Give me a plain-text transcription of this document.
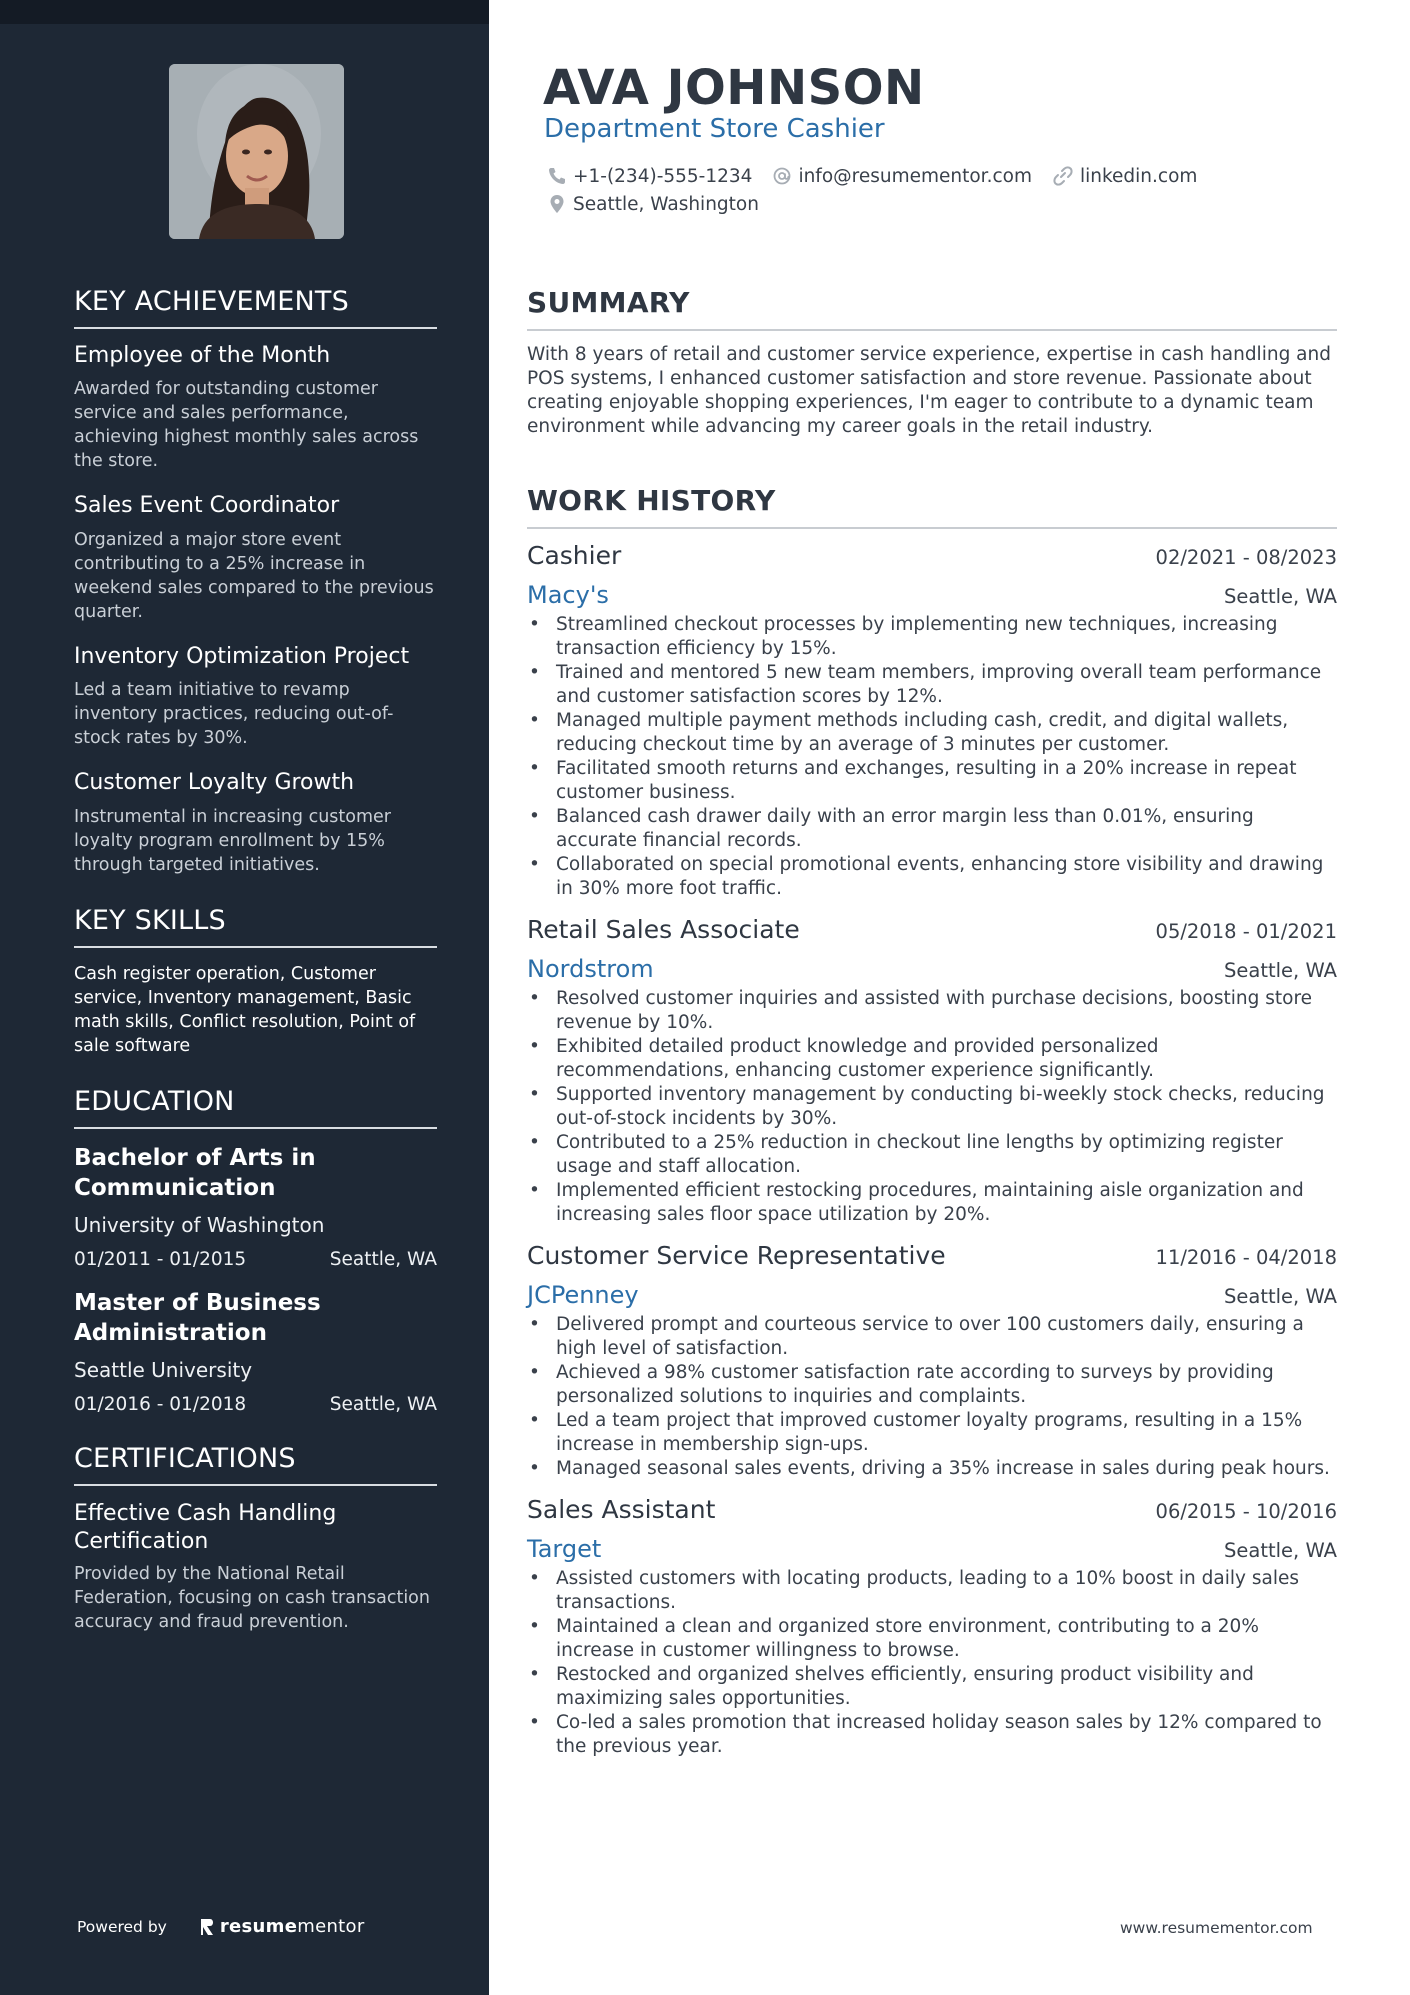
KEY ACHIEVEMENTS
Employee of the Month
Awarded for outstanding customer service and sales performance, achieving highest monthly sales across the store.
Sales Event Coordinator
Organized a major store event contributing to a 25% increase in weekend sales compared to the previous quarter.
Inventory Optimization Project
Led a team initiative to revamp inventory practices, reducing out-of-stock rates by 30%.
Customer Loyalty Growth
Instrumental in increasing customer loyalty program enrollment by 15% through targeted initiatives.
KEY SKILLS
Cash register operation, Customer service, Inventory management, Basic math skills, Conflict resolution, Point of sale software
EDUCATION
Bachelor of Arts in Communication
University of Washington
01/2011 - 01/2015	Seattle, WA
Master of Business Administration
Seattle University
01/2016 - 01/2018	Seattle, WA
CERTIFICATIONS
Effective Cash Handling Certification
Provided by the National Retail Federation, focusing on cash transaction accuracy and fraud prevention.
Powered by	resumementor
AVA JOHNSON
Department Store Cashier
+1-(234)-555-1234 info@resumementor.com	linkedin.com
Seattle, Washington
SUMMARY

With 8 years of retail and customer service experience, expertise in cash handling and POS systems, I enhanced customer satisfaction and store revenue. Passionate about creating enjoyable shopping experiences, I'm eager to contribute to a dynamic team environment while advancing my career goals in the retail industry.

WORK HISTORY
Cashier	02/2021 - 08/2023
Macy's	Seattle, WA
• Streamlined checkout processes by implementing new techniques, increasing transaction efficiency by 15%.
• Trained and mentored 5 new team members, improving overall team performance and customer satisfaction scores by 12%.
• Managed multiple payment methods including cash, credit, and digital wallets, reducing checkout time by an average of 3 minutes per customer.
• Facilitated smooth returns and exchanges, resulting in a 20% increase in repeat customer business.
• Balanced cash drawer daily with an error margin less than 0.01%, ensuring accurate financial records.
• Collaborated on special promotional events, enhancing store visibility and drawing in 30% more foot traffic.
Retail Sales Associate	05/2018 - 01/2021
Nordstrom	Seattle, WA
• Resolved customer inquiries and assisted with purchase decisions, boosting store revenue by 10%.
• Exhibited detailed product knowledge and provided personalized recommendations, enhancing customer experience significantly.
• Supported inventory management by conducting bi-weekly stock checks, reducing out-of-stock incidents by 30%.
• Contributed to a 25% reduction in checkout line lengths by optimizing register usage and staff allocation.
• Implemented efficient restocking procedures, maintaining aisle organization and increasing sales floor space utilization by 20%.
Customer Service Representative	11/2016 - 04/2018
JCPenney	Seattle, WA
• Delivered prompt and courteous service to over 100 customers daily, ensuring a high level of satisfaction.
• Achieved a 98% customer satisfaction rate according to surveys by providing personalized solutions to inquiries and complaints.
• Led a team project that improved customer loyalty programs, resulting in a 15% increase in membership sign-ups.
• Managed seasonal sales events, driving a 35% increase in sales during peak hours.
Sales Assistant	06/2015 - 10/2016
Target	Seattle, WA
• Assisted customers with locating products, leading to a 10% boost in daily sales transactions.
• Maintained a clean and organized store environment, contributing to a 20% increase in customer willingness to browse.
• Restocked and organized shelves efficiently, ensuring product visibility and maximizing sales opportunities.
• Co-led a sales promotion that increased holiday season sales by 12% compared to the previous year.
www.resumementor.com
